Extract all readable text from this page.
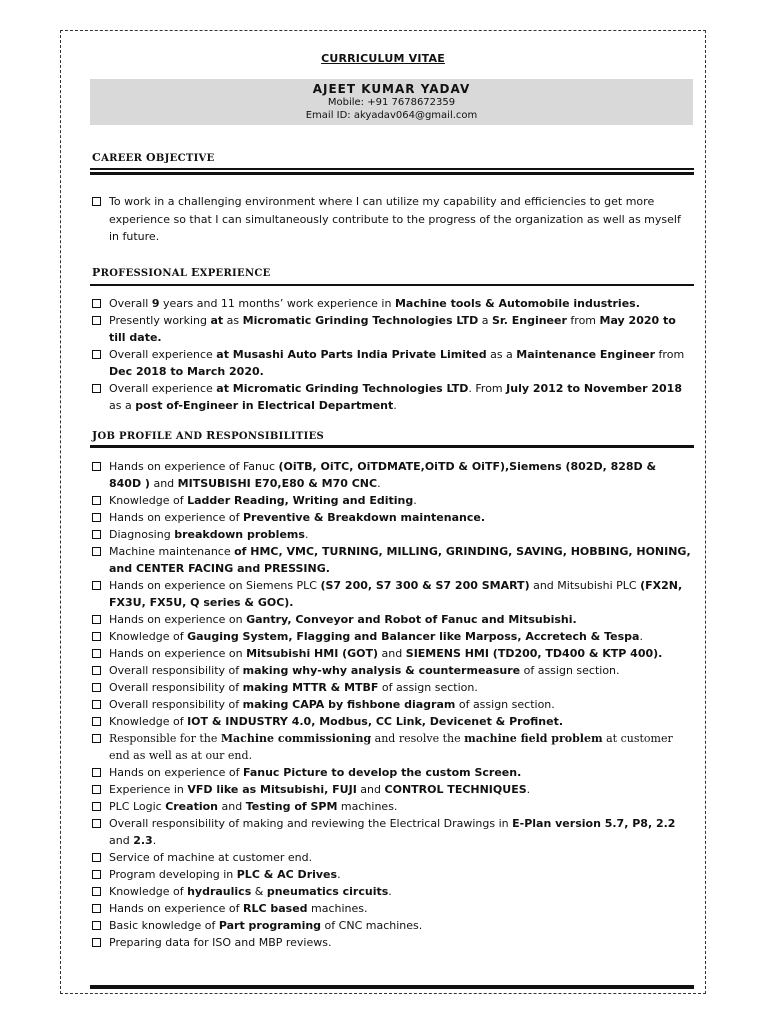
CURRICULUM VITAE
AJEET KUMAR YADAV
Mobile: +91 7678672359
Email ID: akyadav064@gmail.com
CAREER OBJECTIVE
To work in a challenging environment where I can utilize my capability and efficiencies to get more experience so that I can simultaneously contribute to the progress of the organization as well as myself in future.
PROFESSIONAL EXPERIENCE
Overall 9 years and 11 months’ work experience in Machine tools & Automobile industries.
Presently working at as Micromatic Grinding Technologies LTD a Sr. Engineer from May 2020 to till date.
Overall experience at Musashi Auto Parts India Private Limited as a Maintenance Engineer from Dec 2018 to March 2020.
Overall experience at Micromatic Grinding Technologies LTD. From July 2012 to November 2018 as a post of-Engineer in Electrical Department.
JOB PROFILE AND RESPONSIBILITIES
Hands on experience of Fanuc (OiTB, OiTC, OiTDMATE,OiTD & OiTF),Siemens (802D, 828D & 840D ) and MITSUBISHI E70,E80 & M70 CNC.
Knowledge of Ladder Reading, Writing and Editing.
Hands on experience of Preventive & Breakdown maintenance.
Diagnosing breakdown problems.
Machine maintenance of HMC, VMC, TURNING, MILLING, GRINDING, SAVING, HOBBING, HONING, and CENTER FACING and PRESSING.
Hands on experience on Siemens PLC (S7 200, S7 300 & S7 200 SMART) and Mitsubishi PLC (FX2N, FX3U, FX5U, Q series & GOC).
Hands on experience on Gantry, Conveyor and Robot of Fanuc and Mitsubishi.
Knowledge of Gauging System, Flagging and Balancer like Marposs, Accretech & Tespa.
Hands on experience on Mitsubishi HMI (GOT) and SIEMENS HMI (TD200, TD400 & KTP 400).
Overall responsibility of making why-why analysis & countermeasure of assign section.
Overall responsibility of making MTTR & MTBF of assign section.
Overall responsibility of making CAPA by fishbone diagram of assign section.
Knowledge of IOT & INDUSTRY 4.0, Modbus, CC Link, Devicenet & Profinet.
Responsible for the Machine commissioning and resolve the machine field problem at customer end as well as at our end.
Hands on experience of Fanuc Picture to develop the custom Screen.
Experience in VFD like as Mitsubishi, FUJI and CONTROL TECHNIQUES.
PLC Logic Creation and Testing of SPM machines.
Overall responsibility of making and reviewing the Electrical Drawings in E-Plan version 5.7, P8, 2.2 and 2.3.
Service of machine at customer end.
Program developing in PLC & AC Drives.
Knowledge of hydraulics & pneumatics circuits.
Hands on experience of RLC based machines.
Basic knowledge of Part programing of CNC machines.
Preparing data for ISO and MBP reviews.
